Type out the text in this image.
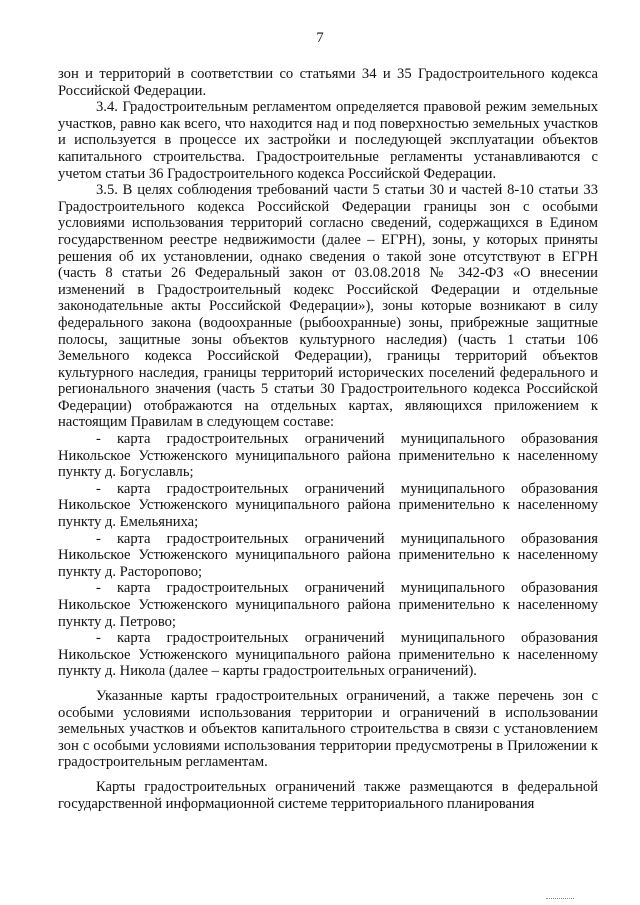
7

зон и территорий в соответствии со статьями 34 и 35 Градостроительного кодекса Российской Федерации.

3.4. Градостроительным регламентом определяется правовой режим земельных участков, равно как всего, что находится над и под поверхностью земельных участков и используется в процессе их застройки и последующей эксплуатации объектов капитального строительства. Градостроительные регламенты устанавливаются с учетом статьи 36 Градостроительного кодекса Российской Федерации.

3.5. В целях соблюдения требований части 5 статьи 30 и частей 8-10 статьи 33 Градостроительного кодекса Российской Федерации границы зон с особыми условиями использования территорий согласно сведений, содержащихся в Едином государственном реестре недвижимости (далее – ЕГРН), зоны, у которых приняты решения об их установлении, однако сведения о такой зоне отсутствуют в ЕГРН (часть 8 статьи 26 Федеральный закон от 03.08.2018 № 342-ФЗ «О внесении изменений в Градостроительный кодекс Российской Федерации и отдельные законодательные акты Российской Федерации»), зоны которые возникают в силу федерального закона (водоохранные (рыбоохранные) зоны, прибрежные защитные полосы, защитные зоны объектов культурного наследия) (часть 1 статьи 106 Земельного кодекса Российской Федерации), границы территорий объектов культурного наследия, границы территорий исторических поселений федерального и регионального значения (часть 5 статьи 30 Градостроительного кодекса Российской Федерации) отображаются на отдельных картах, являющихся приложением к настоящим Правилам в следующем составе:

- карта градостроительных ограничений муниципального образования Никольское Устюженского муниципального района применительно к населенному пункту д. Богуславль;

- карта градостроительных ограничений муниципального образования Никольское Устюженского муниципального района применительно к населенному пункту д. Емельяниха;

- карта градостроительных ограничений муниципального образования Никольское Устюженского муниципального района применительно к населенному пункту д. Расторопово;

- карта градостроительных ограничений муниципального образования Никольское Устюженского муниципального района применительно к населенному пункту д. Петрово;

- карта градостроительных ограничений муниципального образования Никольское Устюженского муниципального района применительно к населенному пункту д. Никола (далее – карты градостроительных ограничений).

Указанные карты градостроительных ограничений, а также перечень зон с особыми условиями использования территории и ограничений в использовании земельных участков и объектов капитального строительства в связи с установлением зон с особыми условиями использования территории предусмотрены в Приложении к градостроительным регламентам.

Карты градостроительных ограничений также размещаются в федеральной государственной информационной системе территориального планирования
